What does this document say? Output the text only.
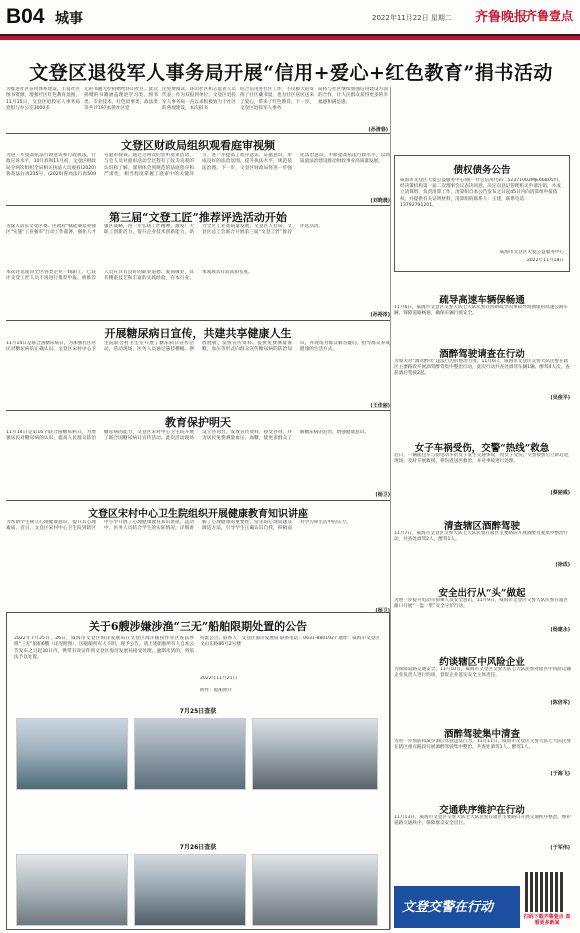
B04 城事	2022年11月22日 星期二 齐鲁晚报
齐鲁壹点
文登区退役军人事务局开展“信用+爱心+红色教育”捐书活动
为推进社区信用体系建设，丰富社区图书资源，增强社区红色教育氛围，11月15日，文登区退役军人事务局党组与办公室3000多
元的书籍无偿捐赠给环山社区。此次捐赠的书籍涵盖理论学习类、图书类、专业技术、红色故事类、政法类等共计197本供社区党
民免费阅读，环山社区和志愿者人员代表，作为双报到单位，文登区退役军人事务局一直以来积极致力于社区的各项建设，本次捐书
结合信用进社区工作，不仅极大的发挥了社区藏书量，也为社区居民送来了爱心，带来了红色教育，下一步，文登区退役军人事务
局将与社区继续加强信用建设方面的合作，让人民群众获得更多的幸福感和满足感。
(孙清春)
文登区财政局组织观看庭审视频
为进一步提高依法行政意识和行政执法，行政应诉水平，10月底和11月初，文登区财政局分两次组织全局相关执法人员观看(2020)鲁高法行再235号、(2020)鲁高法行再509号庭审视频。通过这两次的旁听庭审活动，与会人员对庭审活动全过程有了较为直观的认识和了解，深刻体会到规范的法庭程序和严肃性，相当程度掌握了庭审中的关键环节，进一步提高了程序意识、证据意识，形成良好的法治氛围，提升执法水平，规范依法治理。下一步，文登区财政局将进一步强化法治意识，不断提高依法行政水平，以高质量法治建设推动财政事业高质量发展。
(刘晓晨)
第三届“文登工匠”推荐评选活动开始
为深入落实文登区委、区政府“赋能制造业强区”实施“工业强市”行动工作部署，强化人才强区战略，进一步弘扬工匠精神，激发广大职工创新活力，提升企业技术创新能力，助力全区工业高质量发展，文登区人社局、文登区总工会联合开展第三届“文登工匠”推荐评选活动。
本次评选面向全区各类企业一线职工，已获评文登工匠人员不再进行推荐申报。被推荐人员应具有良好的职业道德、爱岗敬业，具有精湛技艺和丰富的实践经验，在本行业、本领域具有较高知名度。
(孙裕浓)
开展糖尿病日宣传，共建共享健康人生
11月14日是联合国糖尿病日，为加强社区居民对糖尿病的正确认识，文登区宋村中心卫生院联合村卫生室开展了糖尿病日宣传活动，活动现场，医务人员通过悬挂横幅、摆放展板、发放宣传资料、提供免费测量血糖、血压等形式向群众宣传糖尿病的防治知识，并现场为群众解答疑问，指导群众养成健康的生活方式。
(王佳丽)
教育保护明天
11月14日是第16个联合国糖尿病日，为增强居民对糖尿病的认识，提高人民群众防治糖尿病的能力，文登区宋村中心卫生院开展了联合国糖尿病日宣传活动。此次活动现场设立咨询台，发放宣传资料，接受咨询，并为居民免费测量血压、血糖，使更多群众了解糖尿病的危害，增强健康意识。
(杨卫)
文登区宋村中心卫生院组织开展健康教育知识讲座
为帮助学生树立心理健康意识，提升其心理素质，近日，文登区宋村中心卫生院到辖区中小学开展了心理健康教育知识讲座。活动中，医务人员结合学生的实际情况，详细讲解了心理健康的重要性、常见的心理问题及调适方法，引导学生正确认识自我，积极面对学习和生活中的压力。
(杨卫)
关于6艘涉嫌涉渔“三无”船舶限期处置的公告
2022年7月25日、26日，威海市文登区海洋发展局在文登区海洋捕捞作业区查获涉渔“三无”船舶6艘（详见附图），因船舶所有人不明，现予公告。请上述船舶所有人自本公告发布之日起30日内，携带有效证件到文登区海洋发展局接受处理。逾期未到的，将依法予以处置。
特此公告。联系人：文登区海洋发展局 联系电话：0631-8801927 地址：威海市文登区文山东路86号2号楼
2022年11月21日
附件：船舶照片
7月25日查获
7月26日查获
债权债务公告
威海市文登区大爱公益服务中心(统一社会信用代码：52371003MJE66805Y)，经决策机构第一届二次理事会议表决同意，决定向登记管理机关申请注销，并成立清算组，负责清算工作，清算组自本公告发布之日起45日内向清算组申报债权，并提供有关证明材料，清算组的联系人：王建，联系电话：13792791201。
威海市文登区大爱公益服务中心
2022年11月18日
疏导高速车辆保畅通
11月6日，威海市文登区交警大队七大队民警在协助疏导因事故导致拥堵的高速公路车辆，保障道路畅通，确保车辆行驶安全。
酒醉驾驶请查在行动
为加大对“酒驾醉驾”违法行为的整治力度，11月6日，威海市文登区交警大队民警在辖区主要路段开展酒驾醉驾集中整治行动，此次行动共查处酒驾车辆1辆、醉驾4人次，查获酒后驾驶2起。
(吴俊平)
女子车祸受伤，交警“热线”救急
近日，一辆面包车与骑电动车的女子发生交通事故，致女子受伤，交警接警后立即赶赴现场，及时开展救援，将伤者送医救治，并对事故进行处理。
(蔡丽威)
清查辖区酒醉驾驶
11月7日，威海市文登区交警大队七大队民警在辖区主要路段开展酒醉驾驶集中整治行动，共查处酒驾2人，醉驾1人。
(徐成)
安全出行从“头”做起
为进一步提升电动车骑乘人员安全意识，11月9日，威海市文登区交警大队民警在辖区路口开展“一盔一带”安全守护行动。
(杨建永)
约谈辖区中风险企业
为保障道路交通安全，11月10日，威海市文登区交警大队七大队民警对辖区中风险运输企业负责人进行约谈，督促企业落实安全主体责任。
(陈倍军)
酒醉驾驶集中清查
为进一步预防和减少酒后驾驶违法行为，11月11日，威海市文登区交警大队七大队民警在辖区重点路段开展酒醉驾驶集中整治，共查处酒驾1人、醉驾1人。
(于海飞)
交通秩序维护在行动
11月13日，威海市文登区交警大队七大队民警在辖区主要路口开展交通秩序整治，维护道路交通秩序，保障群众安全出行。
(于军伟)
文登交警在行动
扫码下载齐鲁壹点 查看更多新闻
